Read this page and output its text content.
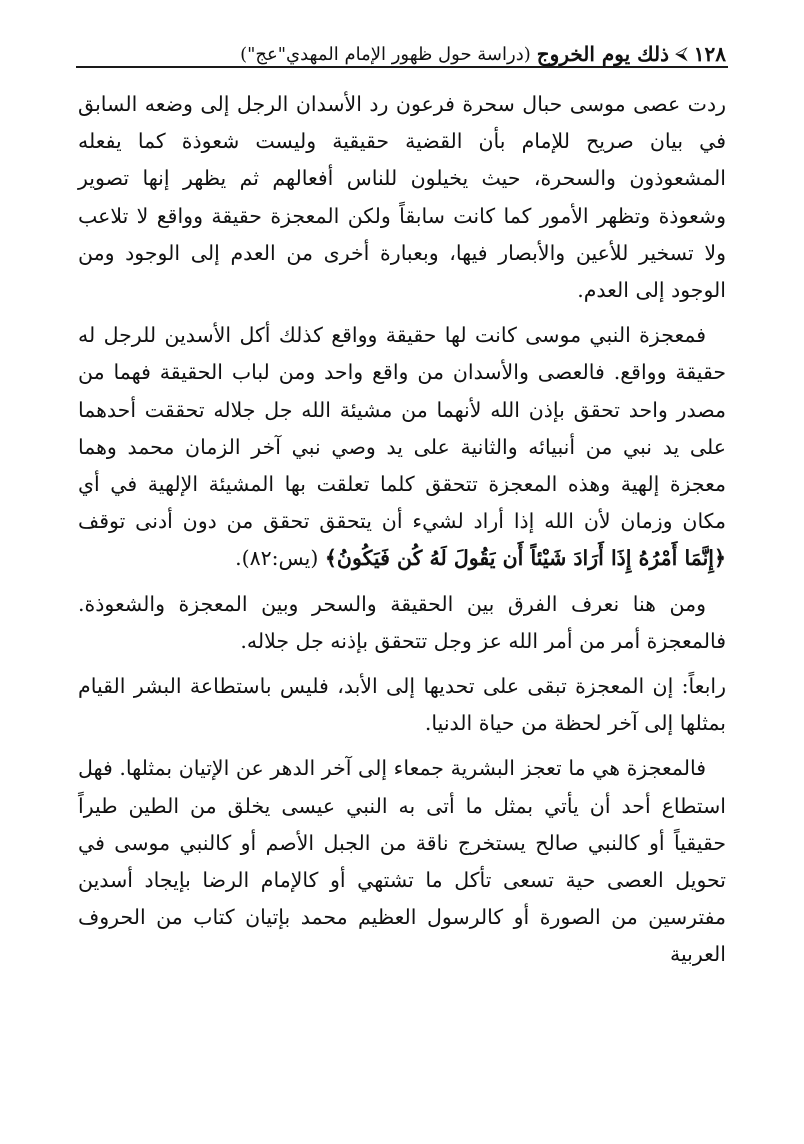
١٢٨
⮘
ذلك يوم الخروج
(دراسة حول ظهور الإمام المهدي"عج")

ردت عصى موسى حبال سحرة فرعون رد الأسدان الرجل إلى وضعه السابق في بيان صريح للإمام بأن القضية حقيقية وليست شعوذة كما يفعله المشعوذون والسحرة، حيث يخيلون للناس أفعالهم ثم يظهر إنها تصوير وشعوذة وتظهر الأمور كما كانت سابقاً ولكن المعجزة حقيقة وواقع لا تلاعب ولا تسخير للأعين والأبصار فيها، وبعبارة أخرى من العدم إلى الوجود ومن الوجود إلى العدم.

فمعجزة النبي موسى كانت لها حقيقة وواقع كذلك أكل الأسدين للرجل له حقيقة وواقع. فالعصى والأسدان من واقع واحد ومن لباب الحقيقة فهما من مصدر واحد تحقق بإذن الله لأنهما من مشيئة الله جل جلاله تحققت أحدهما على يد نبي من أنبيائه والثانية على يد وصي نبي آخر الزمان محمد وهما معجزة إلهية وهذه المعجزة تتحقق كلما تعلقت بها المشيئة الإلهية في أي مكان وزمان لأن الله إذا أراد لشيء أن يتحقق تحقق من دون أدنى توقف ﴿إِنَّمَا أَمْرُهُ إِذَا أَرَادَ شَيْئاً أَن يَقُولَ لَهُ كُن فَيَكُونُ﴾ (يس:٨٢).

ومن هنا نعرف الفرق بين الحقيقة والسحر وبين المعجزة والشعوذة. فالمعجزة أمر من أمر الله عز وجل تتحقق بإذنه جل جلاله.

رابعاً: إن المعجزة تبقى على تحديها إلى الأبد، فليس باستطاعة البشر القيام بمثلها إلى آخر لحظة من حياة الدنيا.

فالمعجزة هي ما تعجز البشرية جمعاء إلى آخر الدهر عن الإتيان بمثلها. فهل استطاع أحد أن يأتي بمثل ما أتى به النبي عيسى يخلق من الطين طيراً حقيقياً أو كالنبي صالح يستخرج ناقة من الجبل الأصم أو كالنبي موسى في تحويل العصى حية تسعى تأكل ما تشتهي أو كالإمام الرضا بإيجاد أسدين مفترسين من الصورة أو كالرسول العظيم محمد بإتيان كتاب من الحروف العربية
